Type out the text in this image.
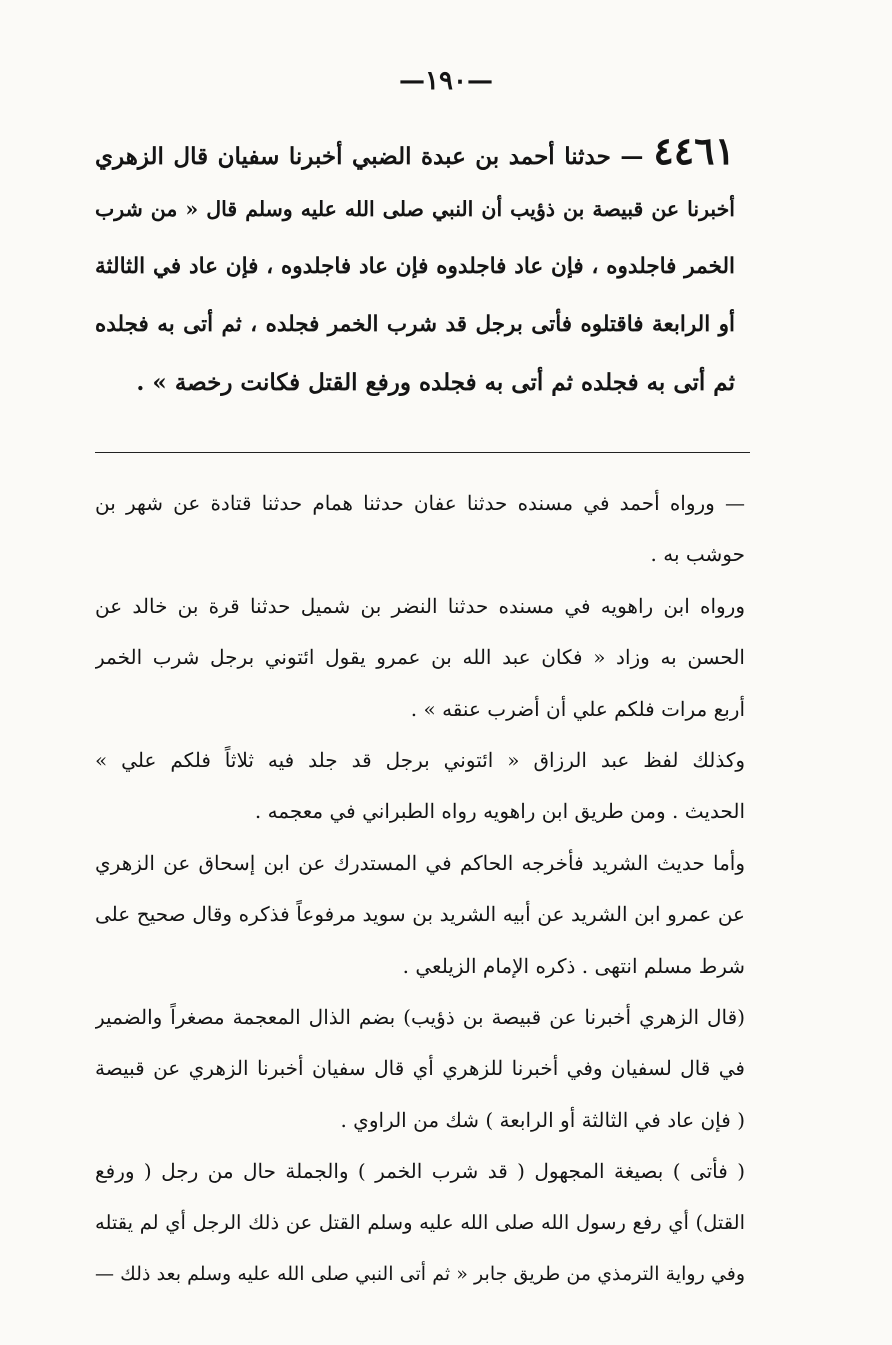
—١٩٠—
٤٤٦١— حدثنا أحمد بن عبدة الضبي أخبرنا سفيان قال الزهري
أخبرنا عن قبيصة بن ذؤيب أن النبي صلى الله عليه وسلم قال « من شرب
الخمر فاجلدوه ، فإن عاد فاجلدوه فإن عاد فاجلدوه ، فإن عاد في الثالثة
أو الرابعة فاقتلوه فأتى برجل قد شرب الخمر فجلده ، ثم أتى به فجلده
ثم أتى به فجلده ثم أتى به فجلده ورفع القتل فكانت رخصة » .
— ورواه أحمد في مسنده حدثنا عفان حدثنا همام حدثنا قتادة عن شهر بن
حوشب به .
ورواه ابن راهويه في مسنده حدثنا النضر بن شميل حدثنا قرة بن خالد عن
الحسن به وزاد « فكان عبد الله بن عمرو يقول ائتوني برجل شرب الخمر
أربع مرات فلكم علي أن أضرب عنقه » .
وكذلك لفظ عبد الرزاق « ائتوني برجل قد جلد فيه ثلاثاً فلكم علي »
الحديث . ومن طريق ابن راهويه رواه الطبراني في معجمه .
وأما حديث الشريد فأخرجه الحاكم في المستدرك عن ابن إسحاق عن الزهري
عن عمرو ابن الشريد عن أبيه الشريد بن سويد مرفوعاً فذكره وقال صحيح على
شرط مسلم انتهى . ذكره الإمام الزيلعي .
(قال الزهري أخبرنا عن قبيصة بن ذؤيب) بضم الذال المعجمة مصغراً والضمير
في قال لسفيان وفي أخبرنا للزهري أي قال سفيان أخبرنا الزهري عن قبيصة
( فإن عاد في الثالثة أو الرابعة ) شك من الراوي .
( فأتى ) بصيغة المجهول ( قد شرب الخمر ) والجملة حال من رجل ( ورفع
القتل) أي رفع رسول الله صلى الله عليه وسلم القتل عن ذلك الرجل أي لم يقتله
وفي رواية الترمذي من طريق جابر « ثم أتى النبي صلى الله عليه وسلم بعد ذلك —
